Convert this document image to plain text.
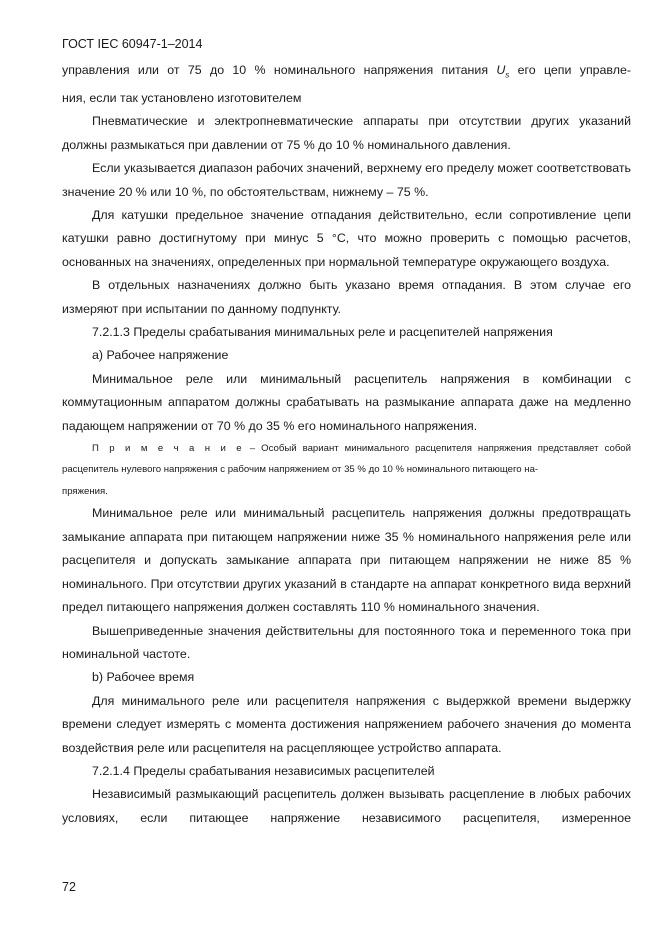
ГОСТ IEC 60947-1–2014

управления или от 75 до 10 % номинального напряжения питания $U_s$ его цепи управле-

ния, если так установлено изготовителем

Пневматические и электропневматические аппараты при отсутствии других указаний должны размыкаться при давлении от 75 % до 10 % номинального давления.

Если указывается диапазон рабочих значений, верхнему его пределу может соответствовать значение 20 % или 10 %, по обстоятельствам, нижнему – 75 %.

Для катушки предельное значение отпадания действительно, если сопротивление цепи катушки равно достигнутому при минус 5 °С, что можно проверить с помощью расчетов, основанных на значениях, определенных при нормальной температуре окружающего воздуха.

В отдельных назначениях должно быть указано время отпадания. В этом случае его измеряют при испытании по данному подпункту.

7.2.1.3 Пределы срабатывания минимальных реле и расцепителей напряжения

а) Рабочее напряжение

Минимальное реле или минимальный расцепитель напряжения в комбинации с коммутационным аппаратом должны срабатывать на размыкание аппарата даже на медленно падающем напряжении от 70 % до 35 % его номинального напряжения.

П р и м е ч а н и е – Особый вариант минимального расцепителя напряжения представляет собой

расцепитель нулевого напряжения с рабочим напряжением от 35 % до 10 % номинального питающего на-

пряжения.

Минимальное реле или минимальный расцепитель напряжения должны предотвращать замыкание аппарата при питающем напряжении ниже 35 % номинального напряжения реле или расцепителя и допускать замыкание аппарата при питающем напряжении не ниже 85 % номинального. При отсутствии других указаний в стандарте на аппарат конкретного вида верхний предел питающего напряжения должен составлять 110 % номинального значения.

Вышеприведенные значения действительны для постоянного тока и переменного тока при номинальной частоте.

b) Рабочее время

Для минимального реле или расцепителя напряжения с выдержкой времени выдержку времени следует измерять с момента достижения напряжением рабочего значения до момента воздействия реле или расцепителя на расцепляющее устройство аппарата.

7.2.1.4 Пределы срабатывания независимых расцепителей

Независимый размыкающий расцепитель должен вызывать расцепление в любых рабочих условиях, если питающее напряжение независимого расцепителя, измеренное

72
